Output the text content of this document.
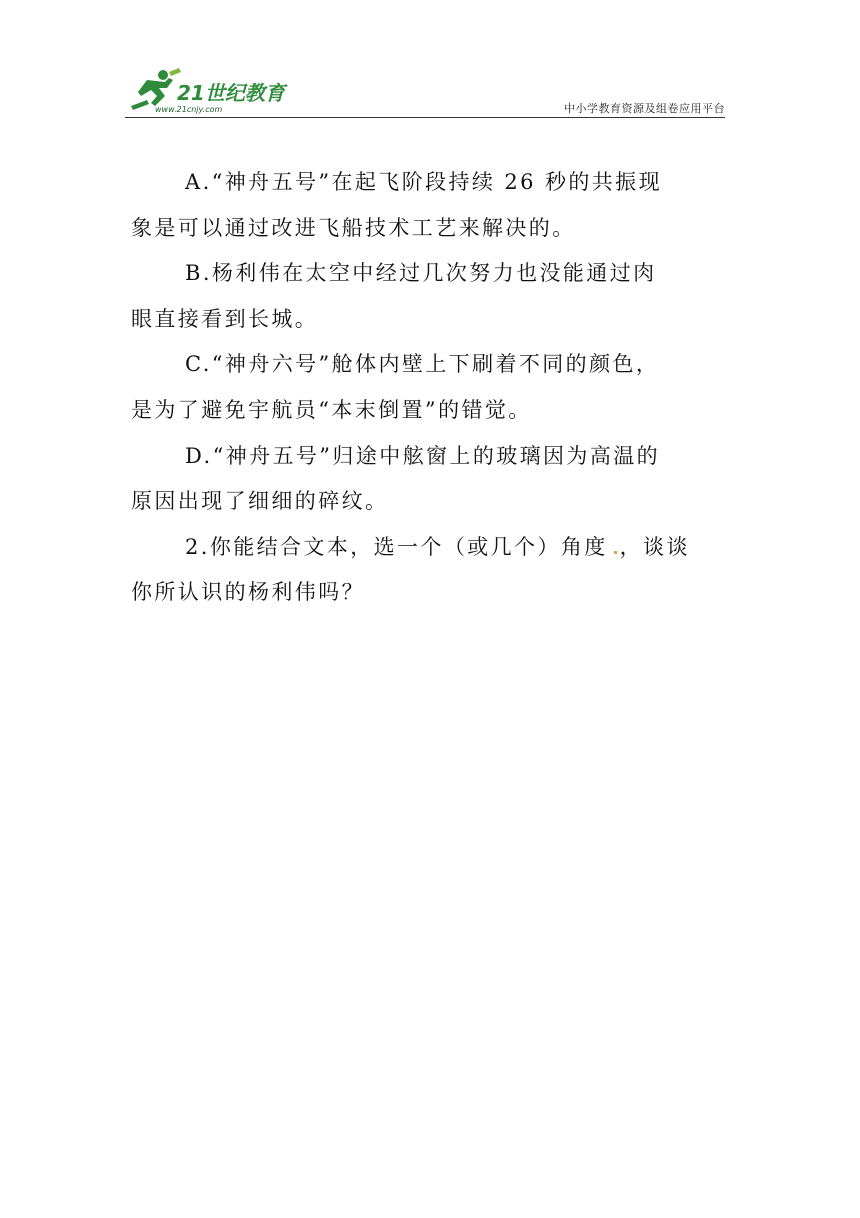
21世纪教育
www.21cnjy.com	中小学教育资源及组卷应用平台

A.“神舟五号”在起飞阶段持续 26 秒的共振现
象是可以通过改进飞船技术工艺来解决的。

B.杨利伟在太空中经过几次努力也没能通过肉
眼直接看到长城。

C.“神舟六号”舱体内壁上下刷着不同的颜色，
是为了避免宇航员“本末倒置”的错觉。

D.“神舟五号”归途中舷窗上的玻璃因为高温的
原因出现了细细的碎纹。

2.你能结合文本，选一个（或几个）角度 ，谈谈
你所认识的杨利伟吗？
